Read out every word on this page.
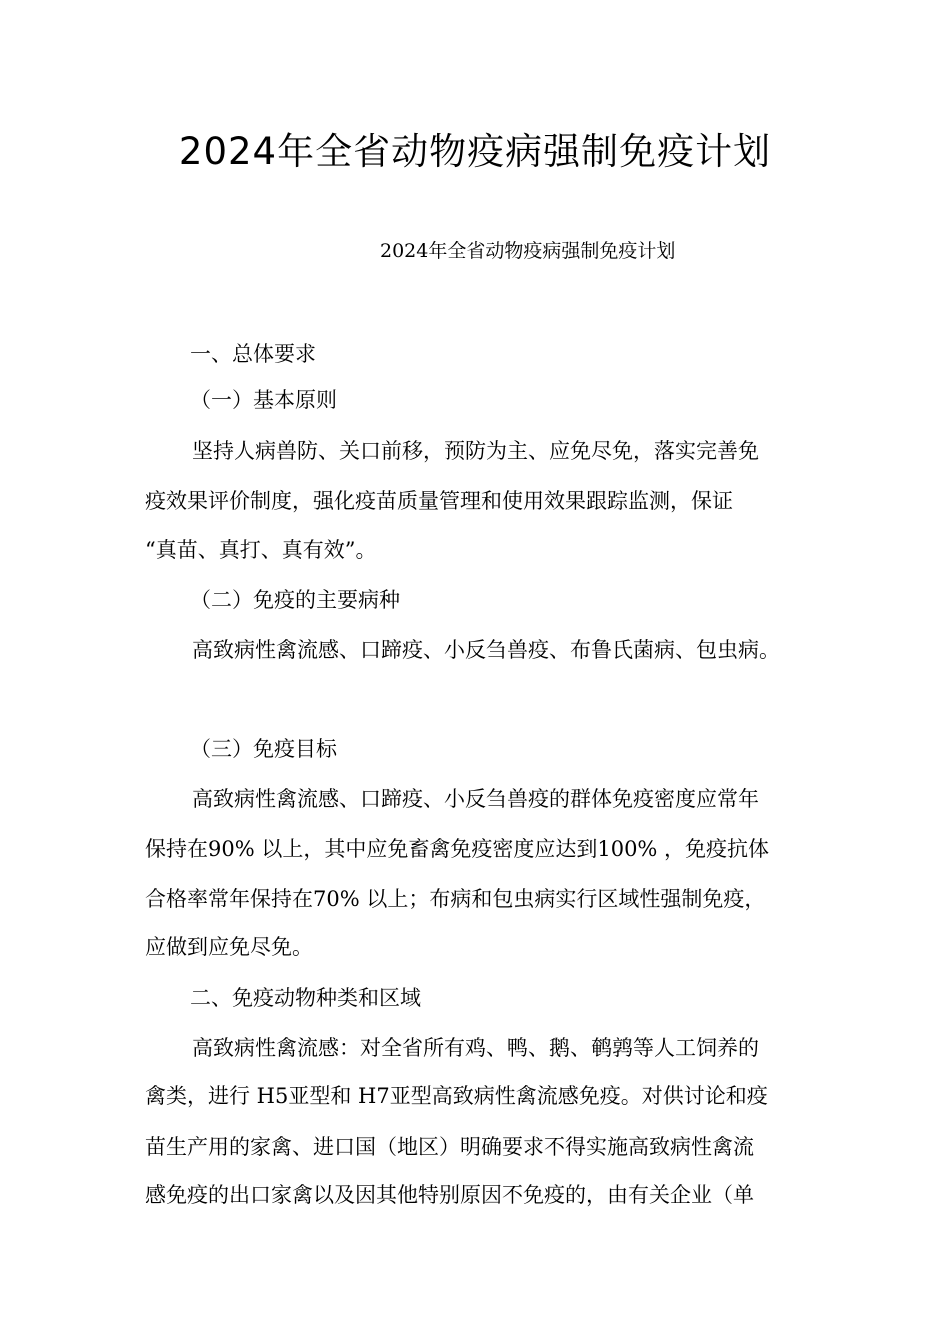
2024年全省动物疫病强制免疫计划
2024年全省动物疫病强制免疫计划
一、总体要求
（一）基本原则
坚持人病兽防、关口前移，预防为主、应免尽免，落实完善免
疫效果评价制度，强化疫苗质量管理和使用效果跟踪监测，保证
“真苗、真打、真有效”。
（二）免疫的主要病种
高致病性禽流感、口蹄疫、小反刍兽疫、布鲁氏菌病、包虫病。
（三）免疫目标
高致病性禽流感、口蹄疫、小反刍兽疫的群体免疫密度应常年
保持在90% 以上，其中应免畜禽免疫密度应达到100% ，免疫抗体
合格率常年保持在70% 以上；布病和包虫病实行区域性强制免疫，
应做到应免尽免。
二、免疫动物种类和区域
高致病性禽流感：对全省所有鸡、鸭、鹅、鹌鹑等人工饲养的
禽类，进行 H5亚型和 H7亚型高致病性禽流感免疫。对供讨论和疫
苗生产用的家禽、进口国（地区）明确要求不得实施高致病性禽流
感免疫的出口家禽以及因其他特别原因不免疫的，由有关企业（单
